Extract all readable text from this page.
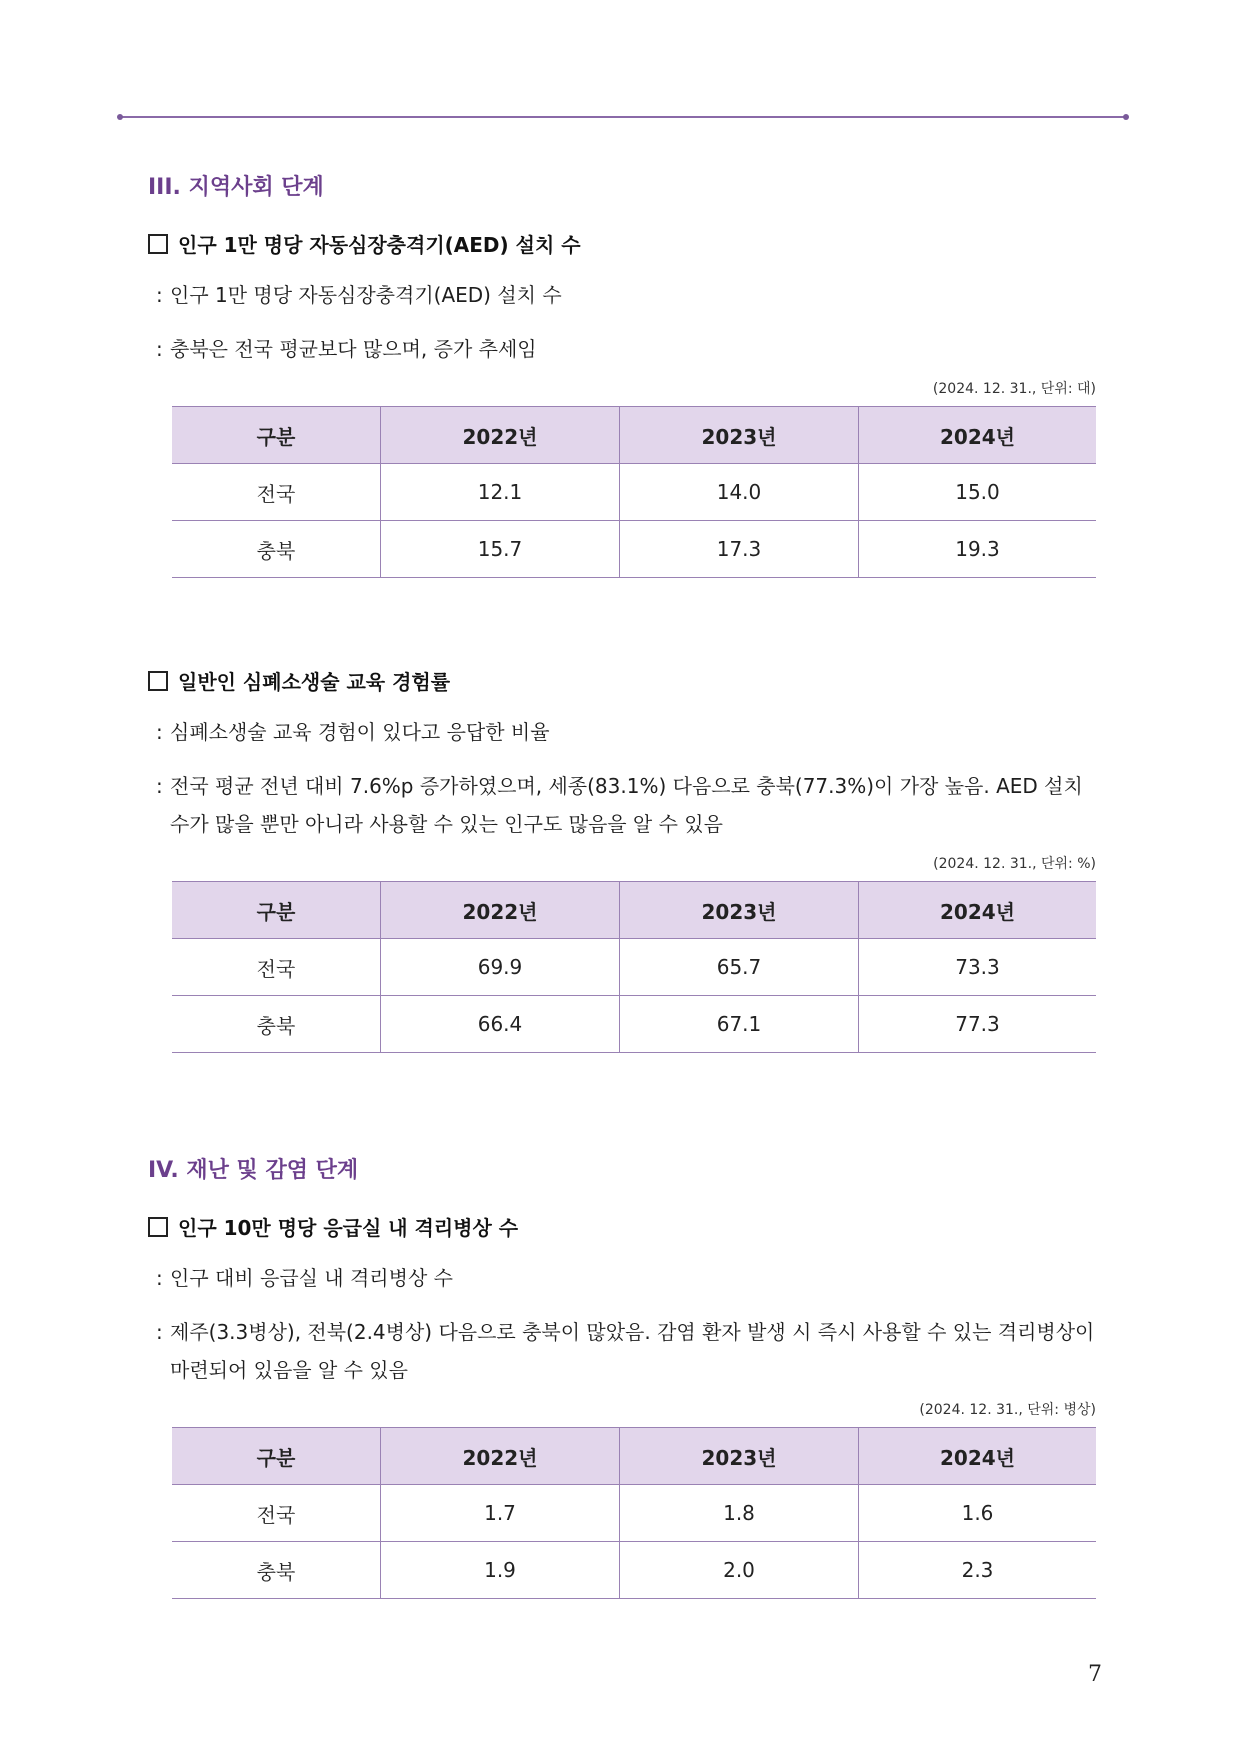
III. 지역사회 단계
인구 1만 명당 자동심장충격기(AED) 설치 수
: 인구 1만 명당 자동심장충격기(AED) 설치 수
: 충북은 전국 평균보다 많으며, 증가 추세임
(2024. 12. 31., 단위: 대)
구분	2022년	2023년	2024년
전국	12.1	14.0	15.0
충북	15.7	17.3	19.3
일반인 심폐소생술 교육 경험률
: 심폐소생술 교육 경험이 있다고 응답한 비율
: 전국 평균 전년 대비 7.6%p 증가하였으며, 세종(83.1%) 다음으로 충북(77.3%)이 가장 높음. AED 설치 수가 많을 뿐만 아니라 사용할 수 있는 인구도 많음을 알 수 있음
(2024. 12. 31., 단위: %)
구분	2022년	2023년	2024년
전국	69.9	65.7	73.3
충북	66.4	67.1	77.3
IV. 재난 및 감염 단계
인구 10만 명당 응급실 내 격리병상 수
: 인구 대비 응급실 내 격리병상 수
: 제주(3.3병상), 전북(2.4병상) 다음으로 충북이 많았음. 감염 환자 발생 시 즉시 사용할 수 있는 격리병상이 마련되어 있음을 알 수 있음
(2024. 12. 31., 단위: 병상)
구분	2022년	2023년	2024년
전국	1.7	1.8	1.6
충북	1.9	2.0	2.3
7
